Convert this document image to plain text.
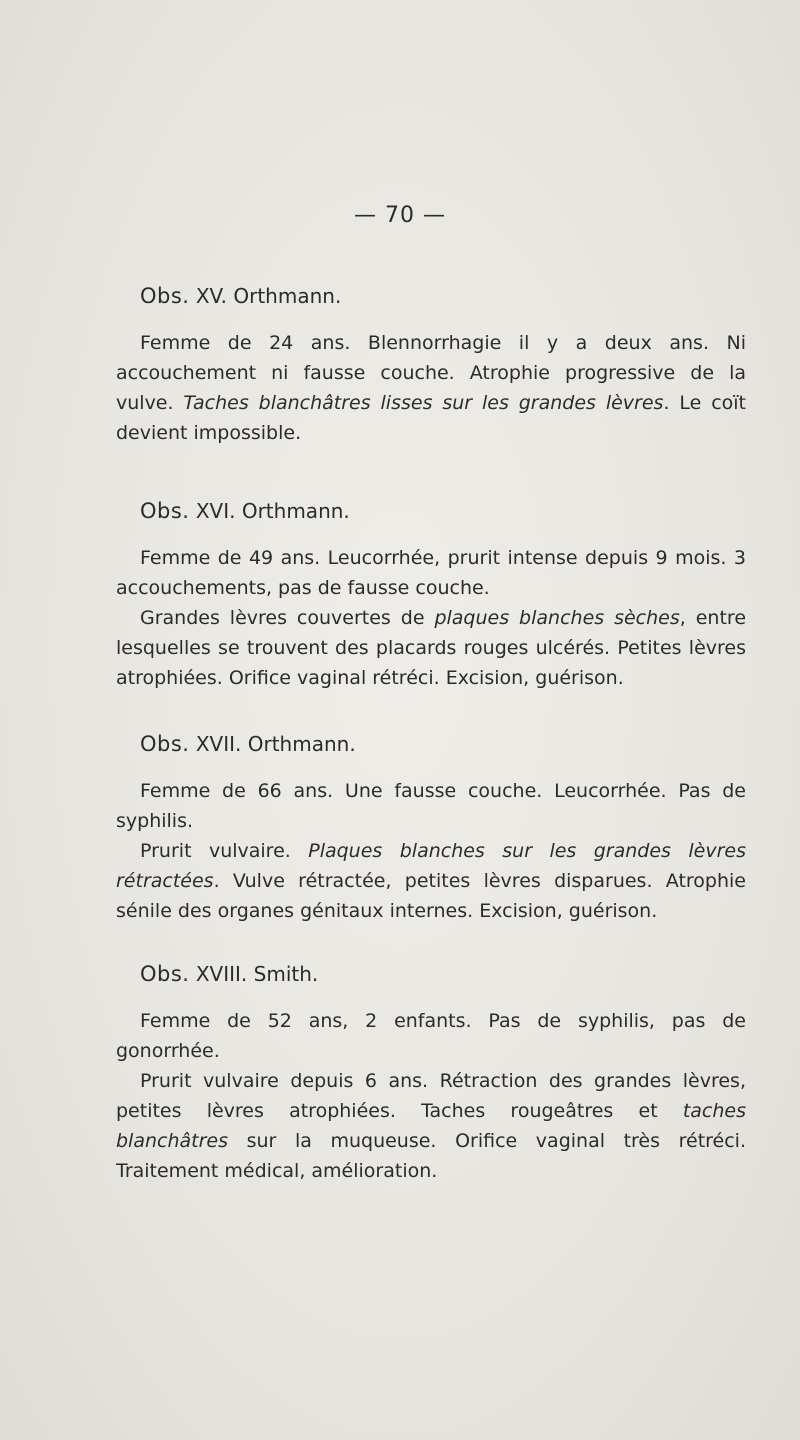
— 70 —
Obs. XV. Orthmann.

Femme de 24 ans. Blennorrhagie il y a deux ans. Ni accouchement ni fausse couche. Atrophie progressive de la vulve. Taches blanchâtres lisses sur les grandes lèvres. Le coït devient impossible.

Obs. XVI. Orthmann.

Femme de 49 ans. Leucorrhée, prurit intense depuis 9 mois. 3 accouchements, pas de fausse couche.

Grandes lèvres couvertes de plaques blanches sèches, entre lesquelles se trouvent des placards rouges ulcérés. Petites lèvres atrophiées. Orifice vaginal rétréci. Excision, guérison.

Obs. XVII. Orthmann.

Femme de 66 ans. Une fausse couche. Leucorrhée. Pas de syphilis.

Prurit vulvaire. Plaques blanches sur les grandes lèvres rétractées. Vulve rétractée, petites lèvres disparues. Atrophie sénile des organes génitaux internes. Excision, guérison.

Obs. XVIII. Smith.

Femme de 52 ans, 2 enfants. Pas de syphilis, pas de gonorrhée.

Prurit vulvaire depuis 6 ans. Rétraction des grandes lèvres, petites lèvres atrophiées. Taches rougeâtres et taches blanchâtres sur la muqueuse. Orifice vaginal très rétréci. Traitement médical, amélioration.
